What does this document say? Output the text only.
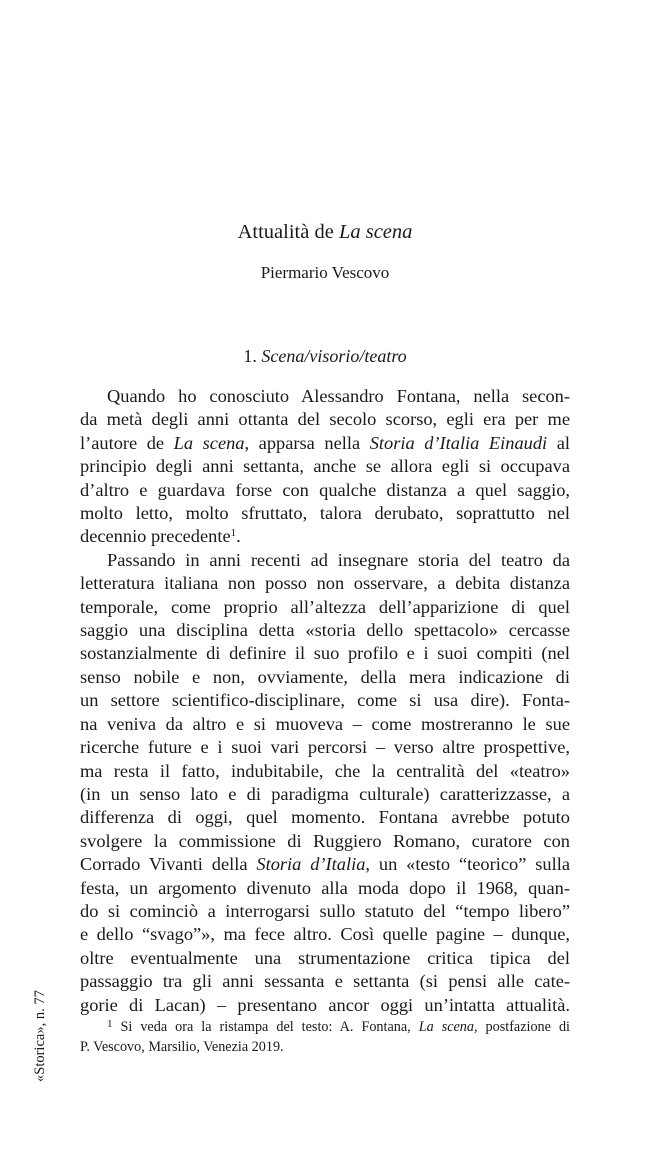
Attualità de La scena
Piermario Vescovo
1. Scena/visorio/teatro
Quando ho conosciuto Alessandro Fontana, nella secon-
da metà degli anni ottanta del secolo scorso, egli era per me
l’autore de La scena, apparsa nella Storia d’Italia Einaudi al
principio degli anni settanta, anche se allora egli si occupava
d’altro e guardava forse con qualche distanza a quel saggio,
molto letto, molto sfruttato, talora derubato, soprattutto nel
decennio precedente$^1$.
Passando in anni recenti ad insegnare storia del teatro da
letteratura italiana non posso non osservare, a debita distanza
temporale, come proprio all’altezza dell’apparizione di quel
saggio una disciplina detta «storia dello spettacolo» cercasse
sostanzialmente di definire il suo profilo e i suoi compiti (nel
senso nobile e non, ovviamente, della mera indicazione di
un settore scientifico-disciplinare, come si usa dire). Fonta-
na veniva da altro e si muoveva – come mostreranno le sue
ricerche future e i suoi vari percorsi – verso altre prospettive,
ma resta il fatto, indubitabile, che la centralità del «teatro»
(in un senso lato e di paradigma culturale) caratterizzasse, a
differenza di oggi, quel momento. Fontana avrebbe potuto
svolgere la commissione di Ruggiero Romano, curatore con
Corrado Vivanti della Storia d’Italia, un «testo “teorico” sulla
festa, un argomento divenuto alla moda dopo il 1968, quan-
do si cominciò a interrogarsi sullo statuto del “tempo libero”
e dello “svago”», ma fece altro. Così quelle pagine – dunque,
oltre eventualmente una strumentazione critica tipica del
passaggio tra gli anni sessanta e settanta (si pensi alle cate-
gorie di Lacan) – presentano ancor oggi un’intatta attualità.
$^1$ Si veda ora la ristampa del testo: A. Fontana, La scena, postfazione di
P. Vescovo, Marsilio, Venezia 2019.
«Storica», n. 77
